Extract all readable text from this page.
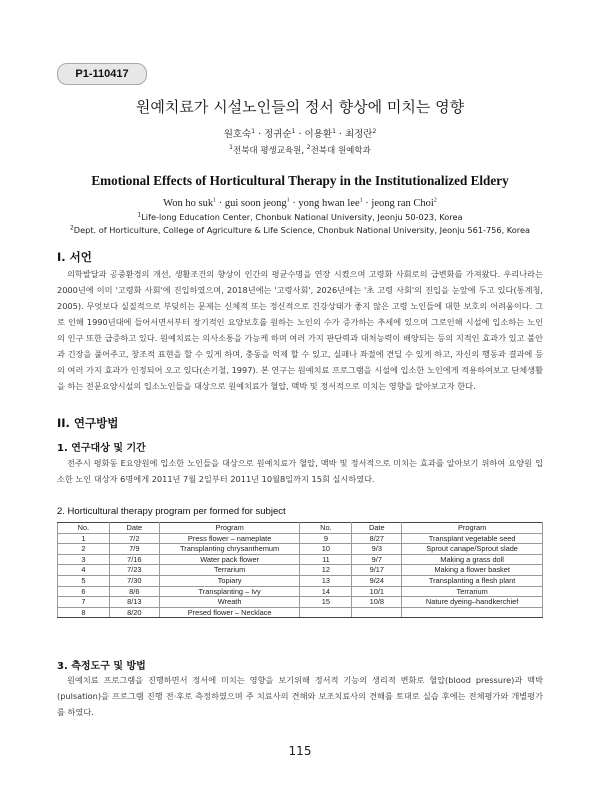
P1-110417
원예치료가 시설노인들의 정서 향상에 미치는 영향
원호숙$^1$ · 정귀순$^1$ · 이용환$^1$ · 최정란$^2$
$^1$전북대 평생교육원, $^2$전북대 원예학과
Emotional Effects of Horticultural Therapy in the Institutionalized Eldery
Won ho suk$^1$ · gui soon jeong$^1$ · yong hwan lee$^1$ · jeong ran Choi$^2$
$^1$Life-long Education Center, Chonbuk National University, Jeonju 50-023, Korea
$^2$Dept. of Horticulture, College of Agriculture & Life Science, Chonbuk National University, Jeonju 561-756, Korea
I. 서언

의학발달과 공중환경의 개선, 생활조건의 향상이 인간의 평균수명을 연장 시켰으며 고령화 사회로의 급변화를 가져왔다. 우리나라는 2000년에 이미 '고령화 사회'에 진입하였으며, 2018년에는 '고령사회', 2026년에는 '초 고령 사회'의 진입을 눈앞에 두고 있다(통계청, 2005). 무엇보다 실질적으로 부딪히는 문제는 신체적 또는 정신적으로 건강상태가 좋지 않은 고령 노인들에 대한 보호의 어려움이다. 그로 인해 1990년대에 들어서면서부터 장기적인 요양보호를 원하는 노인의 수가 증가하는 추세에 있으며 그로인해 시설에 입소하는 노인의 인구 또한 급증하고 있다. 원예치료는 의사소통을 가능케 하며 여러 가지 판단력과 대처능력이 배양되는 등의 지적인 효과가 있고 불안과 긴장을 풀어주고, 창조적 표현을 할 수 있게 하며, 충동을 억제 할 수 있고, 실패나 좌절에 견딜 수 있게 하고, 자신의 행동과 결과에 등의 여러 가지 효과가 인정되어 오고 있다(손기철, 1997). 본 연구는 원예치료 프로그램을 시설에 입소한 노인에게 적용하여보고 단체생활을 하는 전문요양시설의 입소노인들을 대상으로 원예치료가 혈압, 맥박 및 정서적으로 미치는 영향을 알아보고자 한다.

II. 연구방법
1. 연구대상 및 기간

전주시 평화동 E요양원에 입소한 노인들을 대상으로 원예치료가 혈압, 맥박 및 정서적으로 미치는 효과를 알아보기 위하여 요양원 입소한 노인 대상자 6명에게 2011년 7월 2일부터 2011년 10월8일까지 15회 실시하였다.

2. Horticultural therapy program per formed for subject
No.	Date	Program	No.	Date	Program
1	7/2	Press flower – nameplate	9	8/27	Transplant vegetable seed
2	7/9	Transplanting chrysanthemum	10	9/3	Sprout canape/Sprout slade
3	7/16	Water pack flower	11	9/7	Making a grass doll
4	7/23	Terrarium	12	9/17	Making a flower basket
5	7/30	Topiary	13	9/24	Transplanting a flesh plant
6	8/6	Transplanting – Ivy	14	10/1	Terrarium
7	8/13	Wreath	15	10/8	Nature dyeing–handkerchief
8	8/20	Presed flower – Necklace			
3. 측정도구 및 방법

원예치료 프로그램을 진행하면서 정서에 미치는 영향을 보기위해 정서적 기능의 생리적 변화로 혈압(blood pressure)과 맥박(pulsation)을 프로그램 진행 전·후로 측정하였으며 주 치료사의 견해와 보조치료사의 견해를 토대로 실습 후에는 전체평가와 개별평가를 하였다.

115
